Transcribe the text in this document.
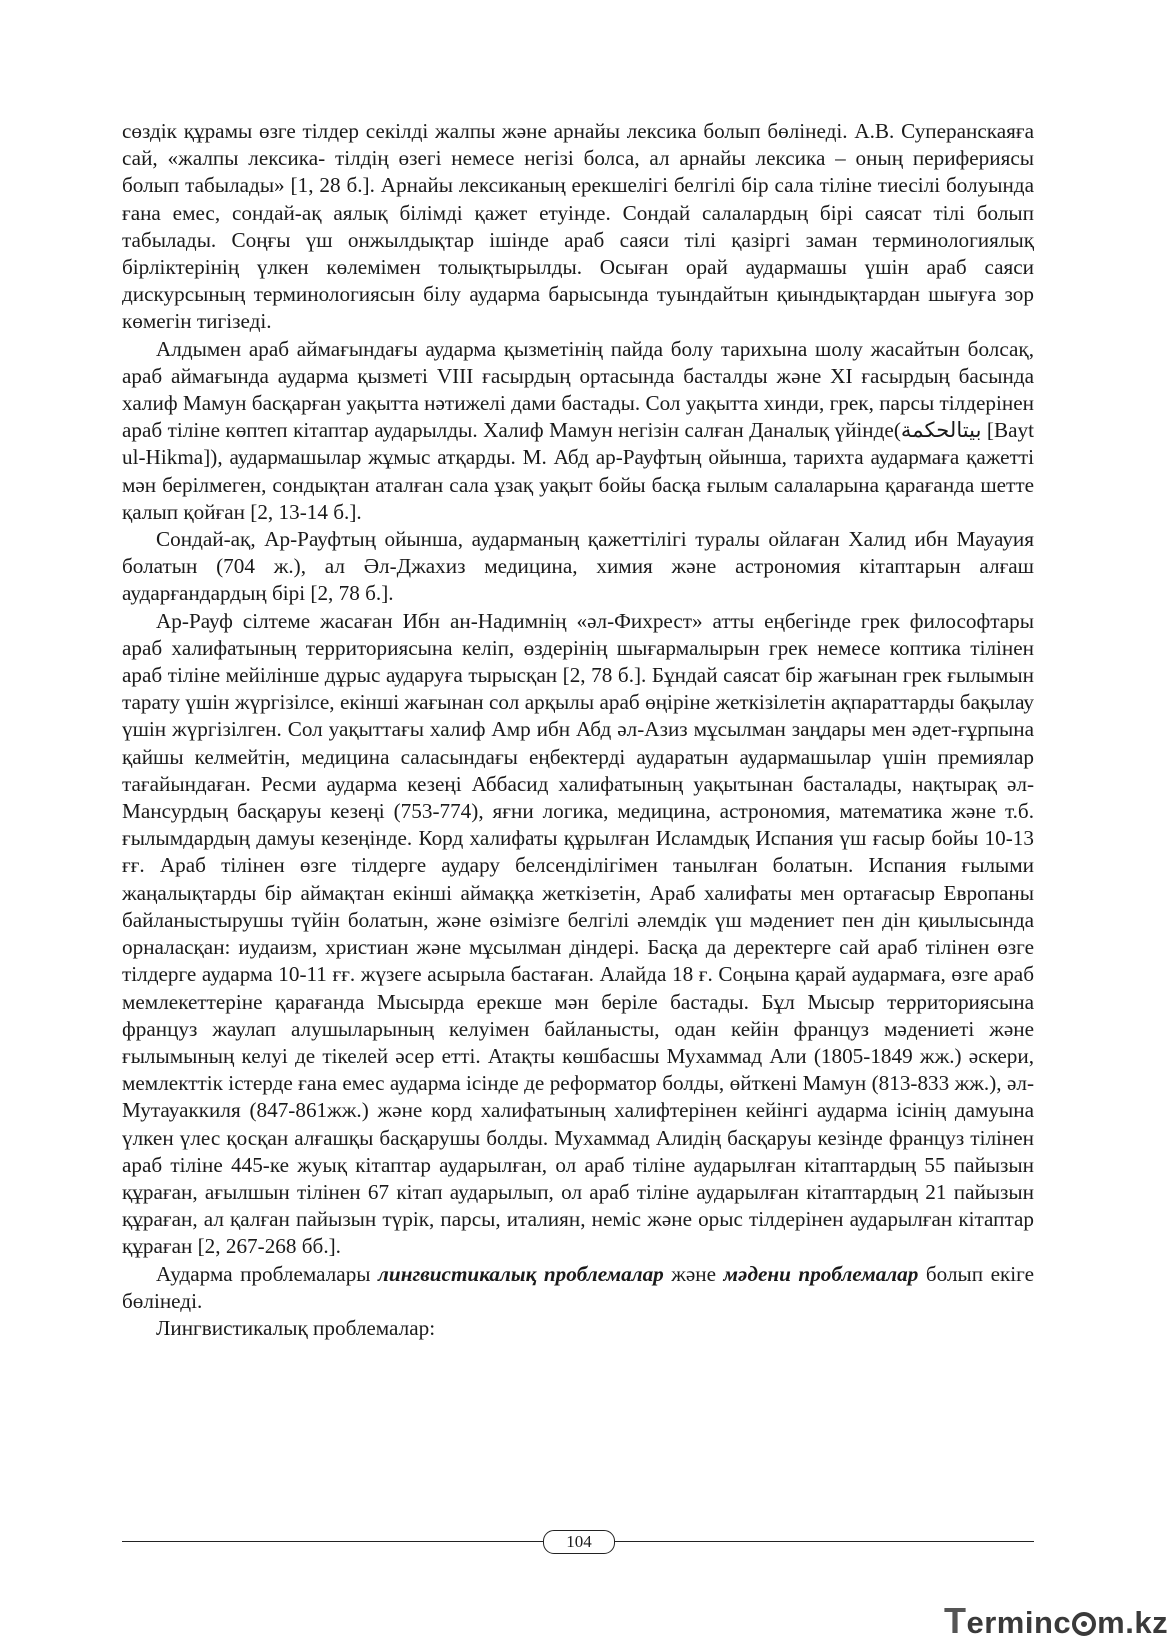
сөздік құрамы өзге тілдер секілді жалпы және арнайы лексика болып бөлінеді. А.В. Суперанскаяға сай, «жалпы лексика- тілдің өзегі немесе негізі болса, ал арнайы лексика – оның перифериясы болып табылады» [1, 28 б.]. Арнайы лексиканың ерекшелігі белгілі бір сала тіліне тиесілі болуында ғана емес, сондай-ақ аялық білімді қажет етуінде. Сондай салалардың бірі саясат тілі болып табылады. Соңғы үш онжылдықтар ішінде араб саяси тілі қазіргі заман терминологиялық бірліктерінің үлкен көлемімен толықтырылды. Осыған орай аудармашы үшін араб саяси дискурсының терминологиясын білу аударма барысында туындайтын қиындықтардан шығуға зор көмегін тигізеді.

Алдымен араб аймағындағы аударма қызметінің пайда болу тарихына шолу жасайтын болсақ, араб аймағында аударма қызметі VIII ғасырдың ортасында басталды және XI ғасырдың басында халиф Мамун басқарған уақытта нәтижелі дами бастады. Сол уақытта хинди, грек, парсы тілдерінен араб тіліне көптеп кітаптар аударылды. Халиф Мамун негізін салған Даналық үйінде(بيتالحكمة [Bayt ul-Hikma]), аудармашылар жұмыс атқарды. М. Абд ар-Рауфтың ойынша, тарихта аудармаға қажетті мән берілмеген, сондықтан аталған сала ұзақ уақыт бойы басқа ғылым салаларына қарағанда шетте қалып қойған [2, 13-14 б.].

Сондай-ақ, Ар-Рауфтың ойынша, аударманың қажеттілігі туралы ойлаған Халид ибн Мауауия болатын (704 ж.), ал Әл-Джахиз медицина, химия және астрономия кітаптарын алғаш аударғандардың бірі [2, 78 б.].

Ар-Рауф сілтеме жасаған Ибн ан-Надимнің «әл-Фихрест» атты еңбегінде грек философтары араб халифатының территориясына келіп, өздерінің шығармалырын грек немесе коптика тілінен араб тіліне мейілінше дұрыс аударуға тырысқан [2, 78 б.]. Бұндай саясат бір жағынан грек ғылымын тарату үшін жүргізілсе, екінші жағынан сол арқылы араб өңіріне жеткізілетін ақпараттарды бақылау үшін жүргізілген. Сол уақыттағы халиф Амр ибн Абд әл-Азиз мұсылман заңдары мен әдет-ғұрпына қайшы келмейтін, медицина саласындағы еңбектерді аударатын аудармашылар үшін премиялар тағайындаған. Ресми аударма кезеңі Аббасид халифатының уақытынан басталады, нақтырақ әл-Мансурдың басқаруы кезеңі (753-774), яғни логика, медицина, астрономия, математика және т.б. ғылымдардың дамуы кезеңінде. Корд халифаты құрылған Исламдық Испания үш ғасыр бойы 10-13 ғғ. Араб тілінен өзге тілдерге аудару белсенділігімен танылған болатын. Испания ғылыми жаңалықтарды бір аймақтан екінші аймаққа жеткізетін, Араб халифаты мен ортағасыр Европаны байланыстырушы түйін болатын, және өзімізге белгілі әлемдік үш мәдениет пен дін қиылысында орналасқан: иудаизм, христиан және мұсылман діндері. Басқа да деректерге сай араб тілінен өзге тілдерге аударма 10-11 ғғ. жүзеге асырыла бастаған. Алайда 18 ғ. Соңына қарай аудармаға, өзге араб мемлекеттеріне қарағанда Мысырда ерекше мән беріле бастады. Бұл Мысыр территориясына француз жаулап алушыларының келуімен байланысты, одан кейін француз мәдениеті және ғылымының келуі де тікелей әсер етті. Атақты көшбасшы Мухаммад Али (1805-1849 жж.) әскери, мемлекттік істерде ғана емес аударма ісінде де реформатор болды, өйткені Мамун (813-833 жж.), әл-Мутауаккиля (847-861жж.) және корд халифатының халифтерінен кейінгі аударма ісінің дамуына үлкен үлес қосқан алғашқы басқарушы болды. Мухаммад Алидің басқаруы кезінде француз тілінен араб тіліне 445-ке жуық кітаптар аударылған, ол араб тіліне аударылған кітаптардың 55 пайызын құраған, ағылшын тілінен 67 кітап аударылып, ол араб тіліне аударылған кітаптардың 21 пайызын құраған, ал қалған пайызын түрік, парсы, италиян, неміс және орыс тілдерінен аударылған кітаптар құраған [2, 267-268 бб.].

Аударма проблемалары лингвистикалық проблемалар және мәдени проблемалар болып екіге бөлінеді.

Лингвистикалық проблемалар:

104
Terminc m.kz
